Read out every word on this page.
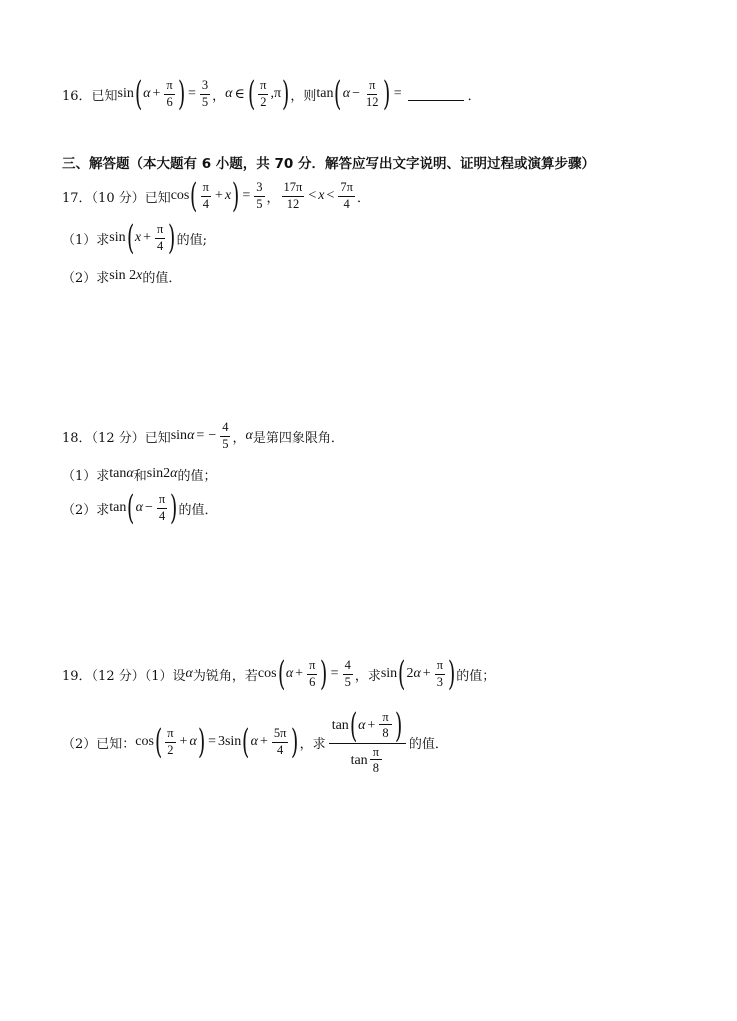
16．已知 sin ( $\alpha + \frac{\pi}{6}$ ) = $\frac{3}{5}$ ， α ∈ ( $\frac{\pi}{2} ,\pi$ ) ，则 tan ( $\alpha - \frac{\pi}{12}$ ) =	．
三、解答题（本大题有 6 小题，共 70 分．解答应写出文字说明、证明过程或演算步骤）
17．（10 分）已知 cos ( $\frac{\pi}{4} + x$ ) = $\frac{3}{5}$ ， $\frac{17\pi}{12} < x < \frac{7\pi}{4}$ ．
（1）求 sin ( $x + \frac{\pi}{4}$ ) 的值;
（2）求 sin 2 x 的值．
18．（12 分）已知 sin α = − $\frac{4}{5}$ ， α 是第四象限角．
（1）求 tan α 和 sin2 α 的值；
（2）求 tan ( $\alpha - \frac{\pi}{4}$ ) 的值．
19．（12 分）（1）设 α 为锐角，若 cos ( $\alpha + \frac{\pi}{6}$ ) = $\frac{4}{5}$ ，求 sin ( 2 $\alpha + \frac{\pi}{3}$ ) 的值；
（2）已知： cos ( $\frac{\pi}{2} + \alpha$ ) = 3sin ( $\alpha + \frac{5\pi}{4}$ ) ，求 $\frac{\tan ( \alpha + \frac{\pi}{8} )}{\tan \frac{\pi}{8}}$ 的值．
